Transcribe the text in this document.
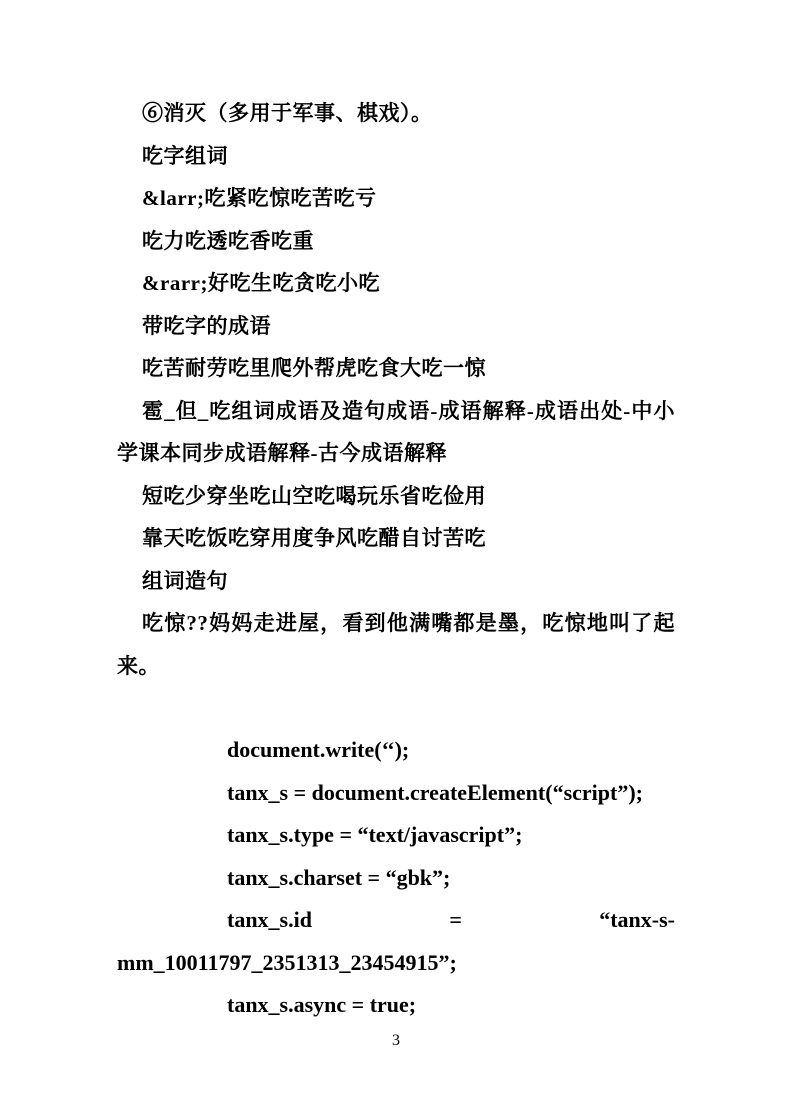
⑥消灭（多用于军事、棋戏）。

吃字组词

&larr;吃紧吃惊吃苦吃亏

吃力吃透吃香吃重

&rarr;好吃生吃贪吃小吃

带吃字的成语

吃苦耐劳吃里爬外帮虎吃食大吃一惊

雹_但_吃组词成语及造句成语-成语解释-成语出处-中小学课本同步成语解释-古今成语解释

短吃少穿坐吃山空吃喝玩乐省吃俭用

靠天吃饭吃穿用度争风吃醋自讨苦吃

组词造句

吃惊??妈妈走进屋，看到他满嘴都是墨，吃惊地叫了起来。

document.write(‘‘);

tanx_s = document.createElement(“script”);

tanx_s.type = “text/javascript”;

tanx_s.charset = “gbk”;

tanx_s.id	=	“tanx-s-

mm_10011797_2351313_23454915”;

tanx_s.async = true;

3
